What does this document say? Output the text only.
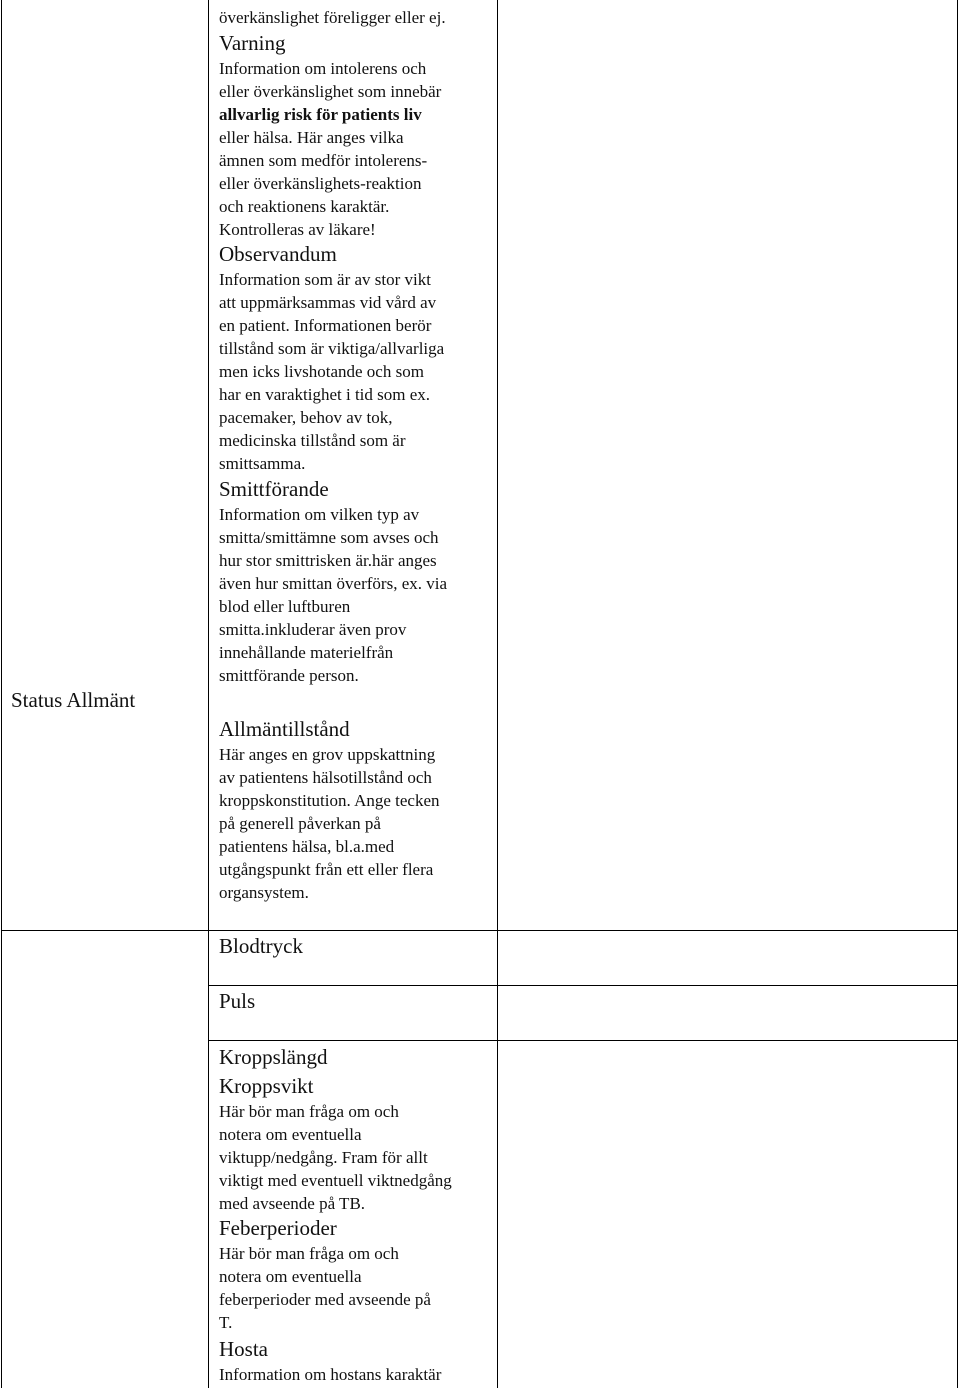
Status Allmänt
överkänslighet föreligger eller ej.
Varning
Information om intolerens och
eller överkänslighet som innebär
allvarlig risk för patients liv
eller hälsa. Här anges vilka
ämnen som medför intolerens-
eller överkänslighets-reaktion
och reaktionens karaktär.
Kontrolleras av läkare!
Observandum
Information som är av stor vikt
att uppmärksammas vid vård av
en patient. Informationen berör
tillstånd som är viktiga/allvarliga
men icks livshotande och som
har en varaktighet i tid som ex.
pacemaker, behov av tok,
medicinska tillstånd som är
smittsamma.
Smittförande
Information om vilken typ av
smitta/smittämne som avses och
hur stor smittrisken är.här anges
även hur smittan överförs, ex. via
blod eller luftburen
smitta.inkluderar även prov
innehållande materielfrån
smittförande person.
Allmäntillstånd
Här anges en grov uppskattning
av patientens hälsotillstånd och
kroppskonstitution. Ange tecken
på generell påverkan på
patientens hälsa, bl.a.med
utgångspunkt från ett eller flera
organsystem.
Blodtryck
Puls
Kroppslängd
Kroppsvikt
Här bör man fråga om och
notera om eventuella
viktupp/nedgång. Fram för allt
viktigt med eventuell viktnedgång
med avseende på TB.
Feberperioder
Här bör man fråga om och
notera om eventuella
feberperioder med avseende på
T.
Hosta
Information om hostans karaktär
